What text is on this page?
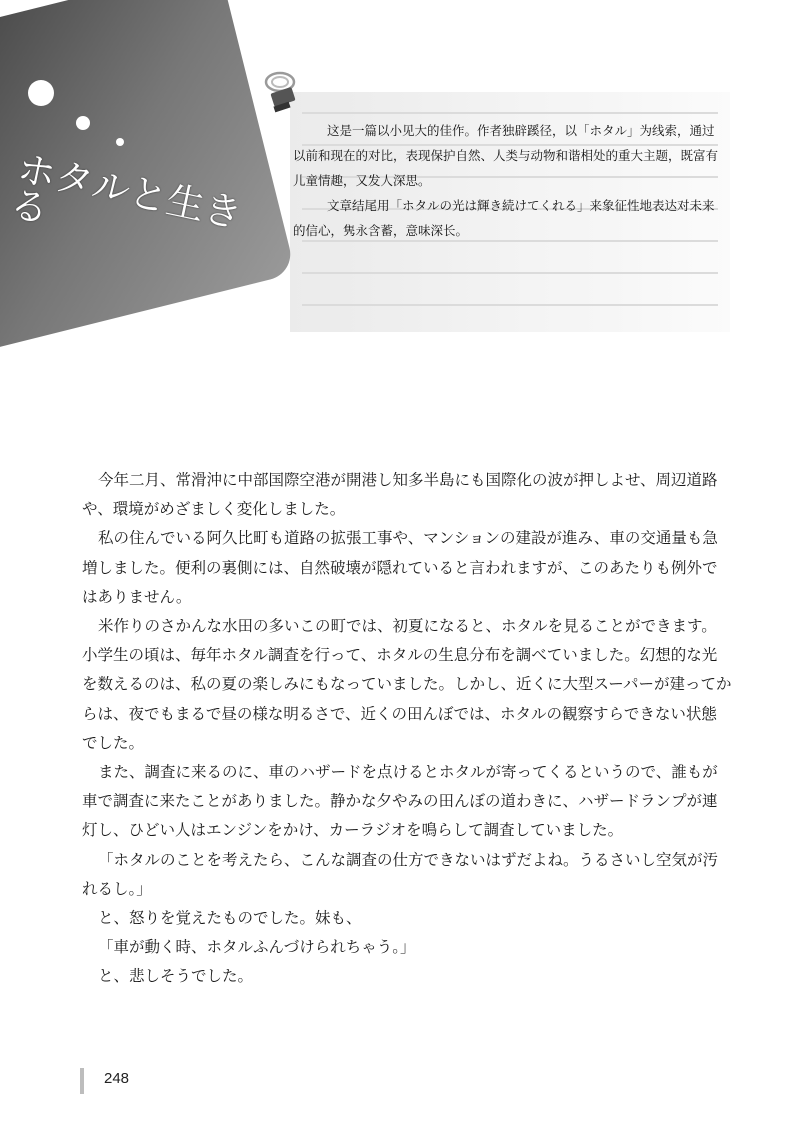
ホタルと生きる

这是一篇以小见大的佳作。作者独辟蹊径，以「ホタル」为线索，通过以前和现在的对比，表现保护自然、人类与动物和谐相处的重大主题，既富有儿童情趣，又发人深思。

文章结尾用「ホタルの光は輝き続けてくれる」来象征性地表达对未来的信心，隽永含蓄，意味深长。

今年二月、常滑沖に中部国際空港が開港し知多半島にも国際化の波が押しよせ、周辺道路や、環境がめざましく変化しました。

私の住んでいる阿久比町も道路の拡張工事や、マンションの建設が進み、車の交通量も急増しました。便利の裏側には、自然破壊が隠れていると言われますが、このあたりも例外ではありません。

米作りのさかんな水田の多いこの町では、初夏になると、ホタルを見ることができます。小学生の頃は、毎年ホタル調査を行って、ホタルの生息分布を調べていました。幻想的な光を数えるのは、私の夏の楽しみにもなっていました。しかし、近くに大型スーパーが建ってからは、夜でもまるで昼の様な明るさで、近くの田んぼでは、ホタルの観察すらできない状態でした。

また、調査に来るのに、車のハザードを点けるとホタルが寄ってくるというので、誰もが車で調査に来たことがありました。静かな夕やみの田んぼの道わきに、ハザードランプが連灯し、ひどい人はエンジンをかけ、カーラジオを鳴らして調査していました。

「ホタルのことを考えたら、こんな調査の仕方できないはずだよね。うるさいし空気が汚れるし。」

と、怒りを覚えたものでした。妹も、

「車が動く時、ホタルふんづけられちゃう。」

と、悲しそうでした。

248
